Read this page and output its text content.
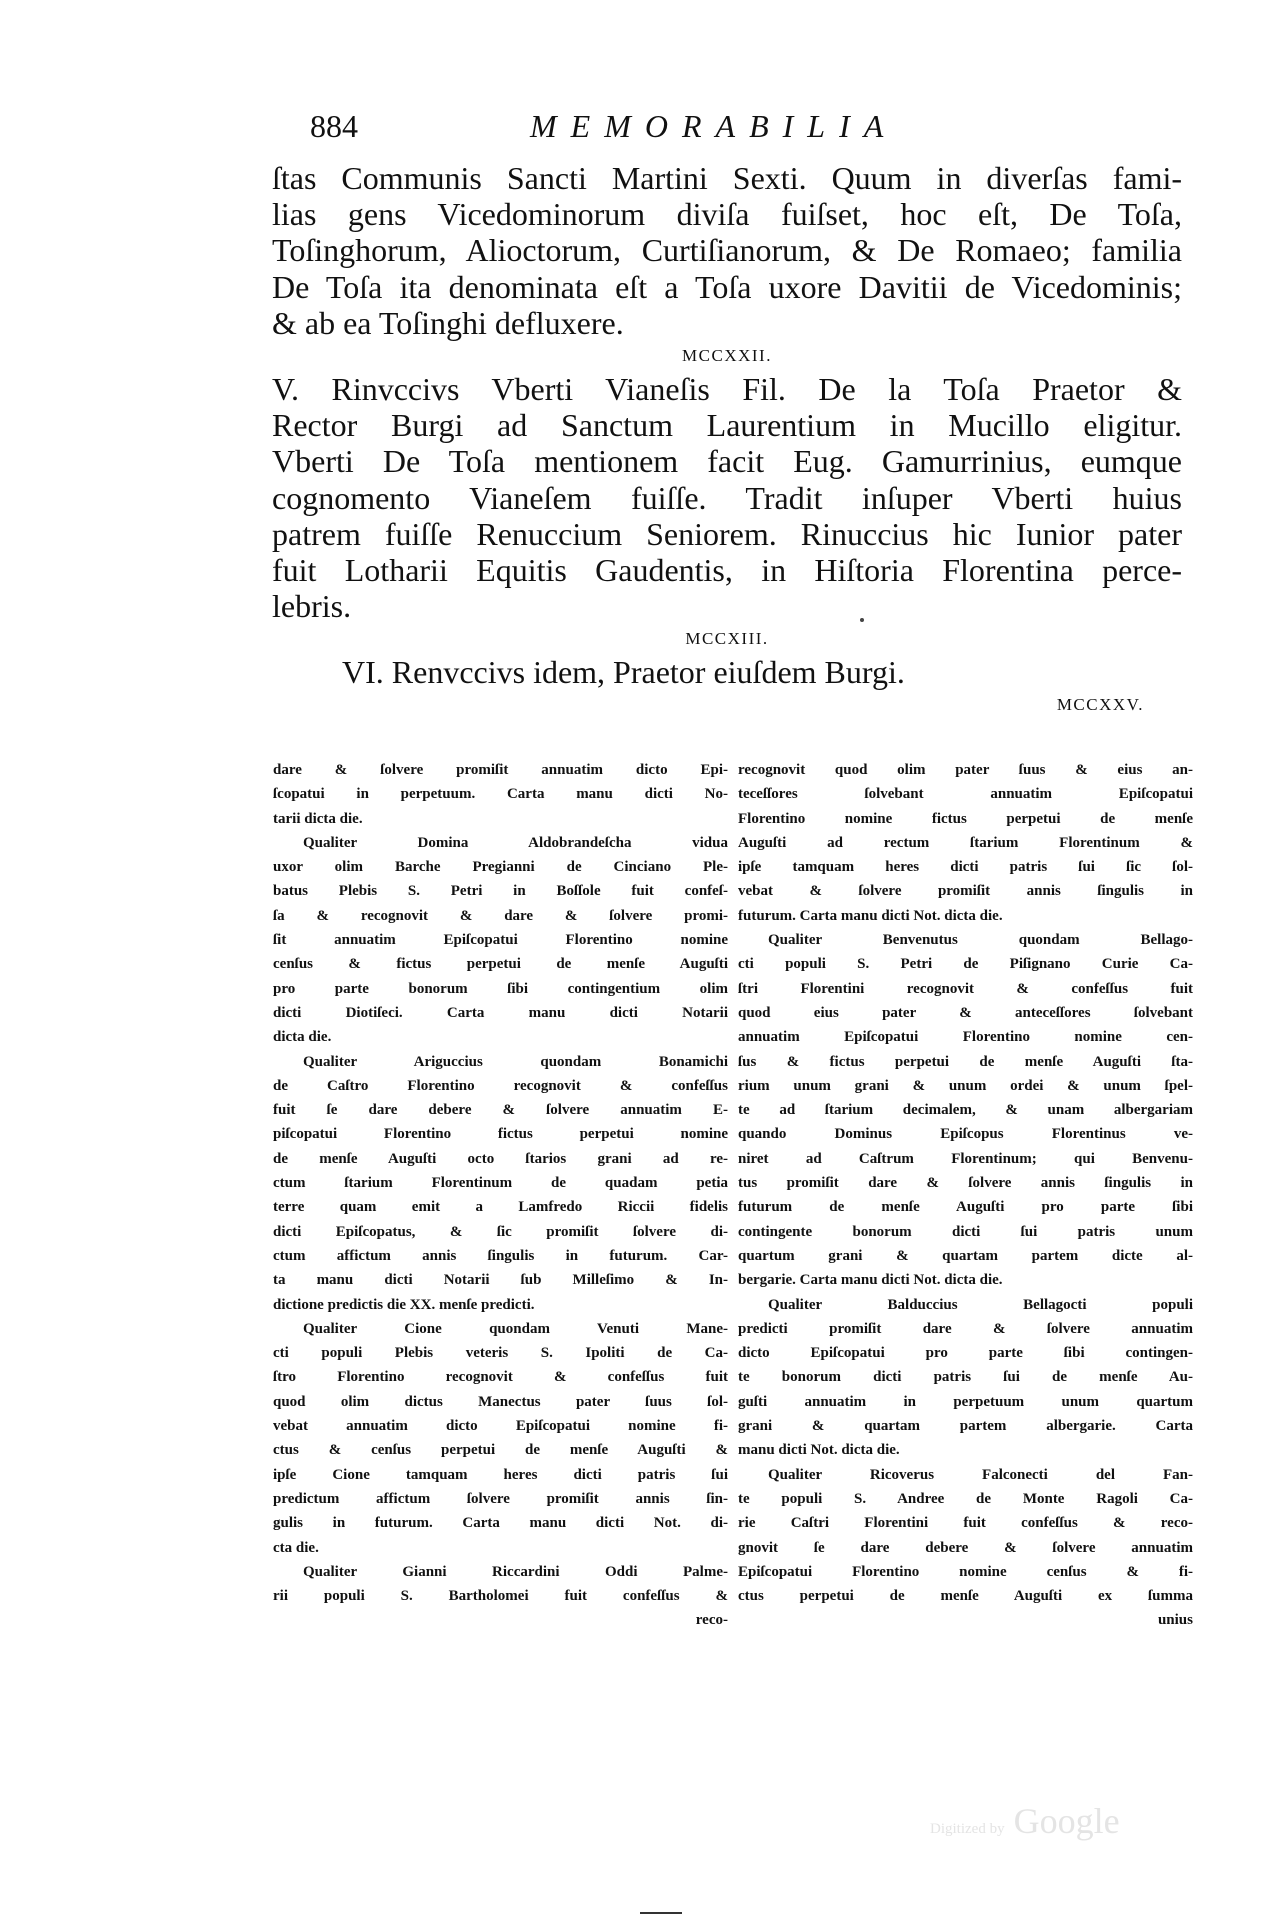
884	MEMORABILIA
ſtas Communis Sancti Martini Sexti. Quum in diverſas fami-
lias gens Vicedominorum diviſa fuiſset, hoc eſt, De Toſa,
Toſinghorum, Alioctorum, Curtiſianorum, & De Romaeo; familia
De Toſa ita denominata eſt a Toſa uxore Davitii de Vicedominis;
& ab ea Toſinghi defluxere.
MCCXXII.
V. Rinvccivs Vberti Vianeſis Fil. De la Toſa Praetor &
Rector Burgi ad Sanctum Laurentium in Mucillo eligitur.
Vberti De Toſa mentionem facit Eug. Gamurrinius, eumque
cognomento Vianeſem fuiſſe. Tradit inſuper Vberti huius
patrem fuiſſe Renuccium Seniorem. Rinuccius hic Iunior pater
fuit Lotharii Equitis Gaudentis, in Hiſtoria Florentina perce-
lebris.
MCCXIII.
VI. Renvccivs idem, Praetor eiuſdem Burgi.
MCCXXV.
dare & ſolvere promiſit annuatim dicto Epi-
ſcopatui in perpetuum. Carta manu dicti No-
tarii dicta die.
Qualiter Domina Aldobrandeſcha vidua
uxor olim Barche Pregianni de Cinciano Ple-
batus Plebis S. Petri in Boſſole fuit confeſ-
ſa & recognovit & dare & ſolvere promi-
ſit annuatim Epiſcopatui Florentino nomine
cenſus & fictus perpetui de menſe Auguſti
pro parte bonorum ſibi contingentium olim
dicti Diotiſeci. Carta manu dicti Notarii
dicta die.
Qualiter Ariguccius quondam Bonamichi
de Caſtro Florentino recognovit & confeſſus
fuit ſe dare debere & ſolvere annuatim E-
piſcopatui Florentino fictus perpetui nomine
de menſe Auguſti octo ſtarios grani ad re-
ctum ſtarium Florentinum de quadam petia
terre quam emit a Lamfredo Riccii fidelis
dicti Epiſcopatus, & ſic promiſit ſolvere di-
ctum affictum annis ſingulis in futurum. Car-
ta manu dicti Notarii ſub Milleſimo & In-
dictione predictis die XX. menſe predicti.
Qualiter Cione quondam Venuti Mane-
cti populi Plebis veteris S. Ipoliti de Ca-
ſtro Florentino recognovit & confeſſus fuit
quod olim dictus Manectus pater ſuus ſol-
vebat annuatim dicto Epiſcopatui nomine fi-
ctus & cenſus perpetui de menſe Auguſti &
ipſe Cione tamquam heres dicti patris ſui
predictum affictum ſolvere promiſit annis ſin-
gulis in futurum. Carta manu dicti Not. di-
cta die.
Qualiter Gianni Riccardini Oddi Palme-
rii populi S. Bartholomei fuit confeſſus &
reco-
recognovit quod olim pater ſuus & eius an-
teceſſores ſolvebant annuatim Epiſcopatui
Florentino nomine fictus perpetui de menſe
Auguſti ad rectum ſtarium Florentinum &
ipſe tamquam heres dicti patris ſui ſic ſol-
vebat & ſolvere promiſit annis ſingulis in
futurum. Carta manu dicti Not. dicta die.
Qualiter Benvenutus quondam Bellago-
cti populi S. Petri de Piſignano Curie Ca-
ſtri Florentini recognovit & confeſſus fuit
quod eius pater & anteceſſores ſolvebant
annuatim Epiſcopatui Florentino nomine cen-
ſus & fictus perpetui de menſe Auguſti ſta-
rium unum grani & unum ordei & unum ſpel-
te ad ſtarium decimalem, & unam albergariam
quando Dominus Epiſcopus Florentinus ve-
niret ad Caſtrum Florentinum; qui Benvenu-
tus promiſit dare & ſolvere annis ſingulis in
futurum de menſe Auguſti pro parte ſibi
contingente bonorum dicti ſui patris unum
quartum grani & quartam partem dicte al-
bergarie. Carta manu dicti Not. dicta die.
Qualiter Balduccius Bellagocti populi
predicti promiſit dare & ſolvere annuatim
dicto Epiſcopatui pro parte ſibi contingen-
te bonorum dicti patris ſui de menſe Au-
guſti annuatim in perpetuum unum quartum
grani & quartam partem albergarie. Carta
manu dicti Not. dicta die.
Qualiter Ricoverus Falconecti del Fan-
te populi S. Andree de Monte Ragoli Ca-
rie Caſtri Florentini fuit confeſſus & reco-
gnovit ſe dare debere & ſolvere annuatim
Epiſcopatui Florentino nomine cenſus & fi-
ctus perpetui de menſe Auguſti ex ſumma
unius
Digitized by Google
